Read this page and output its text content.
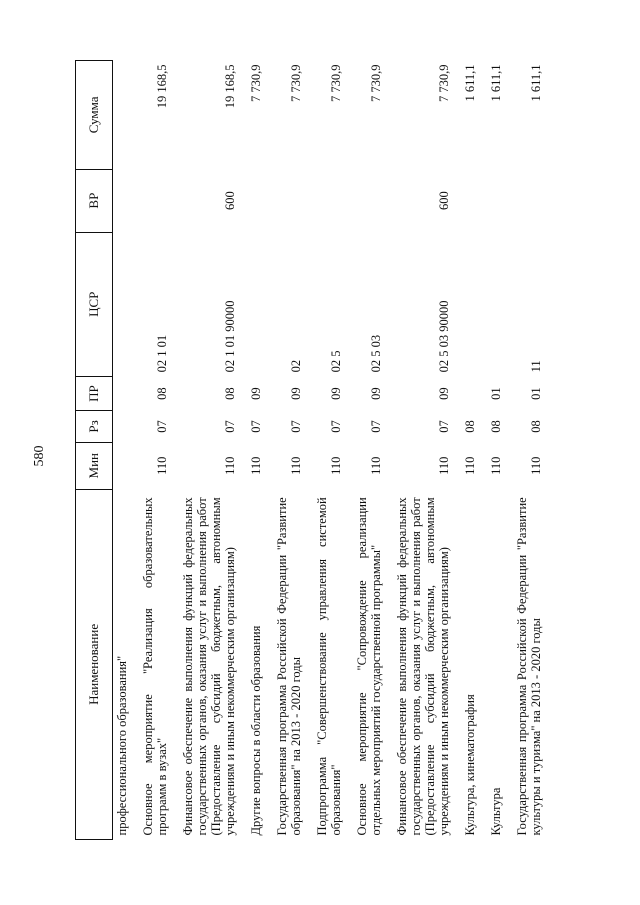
580
Наименование	Мин	Рз	ПР	ЦСР	ВР	Сумма
профессионального образования"						
Основное мероприятие "Реализация образовательных программ в вузах"	110	07	08	02 1 01		19 168,5
Финансовое обеспечение выполнения функций федеральных государственных органов, оказания услуг и выполнения работ (Предоставление субсидий бюджетным, автономным учреждениям и иным некоммерческим организациям)	110	07	08	02 1 01 90000	600	19 168,5
Другие вопросы в области образования	110	07	09			7 730,9
Государственная программа Российской Федерации "Развитие образования" на 2013 - 2020 годы	110	07	09	02		7 730,9
Подпрограмма "Совершенствование управления системой образования"	110	07	09	02 5		7 730,9
Основное мероприятие "Сопровождение реализации отдельных мероприятий государственной программы"	110	07	09	02 5 03		7 730,9
Финансовое обеспечение выполнения функций федеральных государственных органов, оказания услуг и выполнения работ (Предоставление субсидий бюджетным, автономным учреждениям и иным некоммерческим организациям)	110	07	09	02 5 03 90000	600	7 730,9
Культура, кинематография	110	08				1 611,1
Культура	110	08	01			1 611,1
Государственная программа Российской Федерации "Развитие культуры и туризма" на 2013 - 2020 годы	110	08	01	11		1 611,1
